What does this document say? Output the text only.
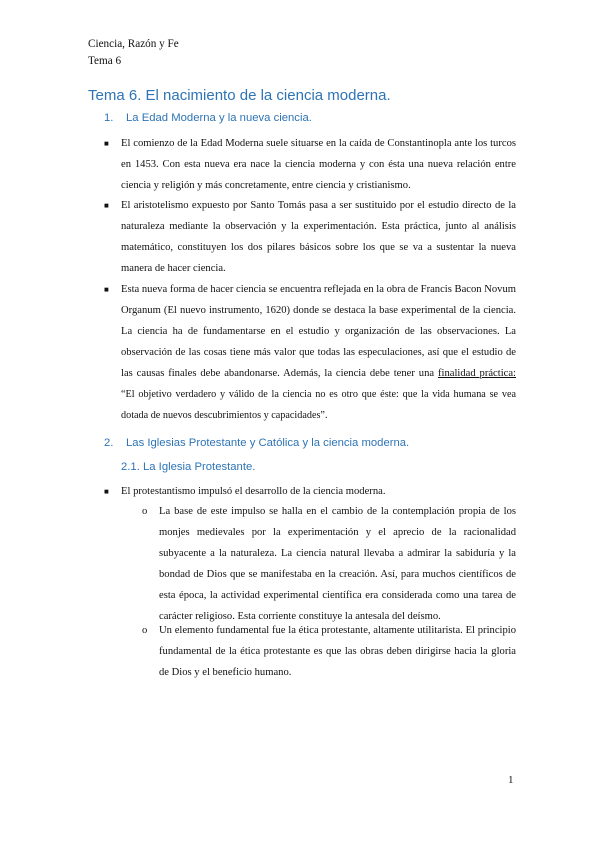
Ciencia, Razón y Fe
Tema 6
Tema 6. El nacimiento de la ciencia moderna.
1. La Edad Moderna y la nueva ciencia.
■ El comienzo de la Edad Moderna suele situarse en la caída de Constantinopla ante los turcos en 1453. Con esta nueva era nace la ciencia moderna y con ésta una nueva relación entre ciencia y religión y más concretamente, entre ciencia y cristianismo.
■ El aristotelismo expuesto por Santo Tomás pasa a ser sustituido por el estudio directo de la naturaleza mediante la observación y la experimentación. Esta práctica, junto al análisis matemático, constituyen los dos pilares básicos sobre los que se va a sustentar la nueva manera de hacer ciencia.
■ Esta nueva forma de hacer ciencia se encuentra reflejada en la obra de Francis Bacon Novum Organum (El nuevo instrumento, 1620) donde se destaca la base experimental de la ciencia. La ciencia ha de fundamentarse en el estudio y organización de las observaciones. La observación de las cosas tiene más valor que todas las especulaciones, así que el estudio de las causas finales debe abandonarse. Además, la ciencia debe tener una finalidad práctica: “El objetivo verdadero y válido de la ciencia no es otro que éste: que la vida humana se vea dotada de nuevos descubrimientos y capacidades”.
2. Las Iglesias Protestante y Católica y la ciencia moderna.
2.1. La Iglesia Protestante.
■ El protestantismo impulsó el desarrollo de la ciencia moderna.
o La base de este impulso se halla en el cambio de la contemplación propia de los monjes medievales por la experimentación y el aprecio de la racionalidad subyacente a la naturaleza. La ciencia natural llevaba a admirar la sabiduría y la bondad de Dios que se manifestaba en la creación. Así, para muchos científicos de esta época, la actividad experimental científica era considerada como una tarea de carácter religioso. Esta corriente constituye la antesala del deísmo.
o Un elemento fundamental fue la ética protestante, altamente utilitarista. El principio fundamental de la ética protestante es que las obras deben dirigirse hacia la gloria de Dios y el beneficio humano.
1
